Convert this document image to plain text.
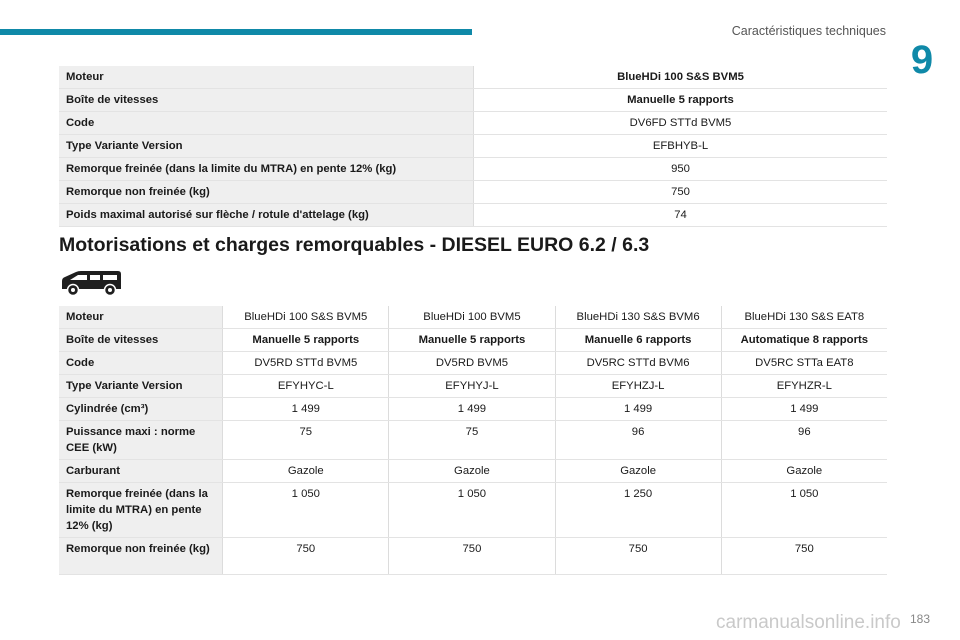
Caractéristiques techniques
9
Moteur	BlueHDi 100 S&S BVM5
Boîte de vitesses	Manuelle 5 rapports
Code	DV6FD STTd BVM5
Type Variante Version	EFBHYB-L
Remorque freinée (dans la limite du MTRA) en pente 12% (kg)	950
Remorque non freinée (kg)	750
Poids maximal autorisé sur flèche / rotule d'attelage (kg)	74
Motorisations et charges remorquables - DIESEL EURO 6.2 / 6.3
Moteur	BlueHDi 100 S&S BVM5	BlueHDi 100 BVM5	BlueHDi 130 S&S BVM6	BlueHDi 130 S&S EAT8
Boîte de vitesses	Manuelle 5 rapports	Manuelle 5 rapports	Manuelle 6 rapports	Automatique 8 rapports
Code	DV5RD STTd BVM5	DV5RD BVM5	DV5RC STTd BVM6	DV5RC STTa EAT8
Type Variante Version	EFYHYC-L	EFYHYJ-L	EFYHZJ-L	EFYHZR-L
Cylindrée (cm³)	1 499	1 499	1 499	1 499
Puissance maxi : norme CEE (kW)	75	75	96	96
Carburant	Gazole	Gazole	Gazole	Gazole
Remorque freinée (dans la limite du MTRA) en pente 12% (kg)	1 050	1 050	1 250	1 050
Remorque non freinée (kg)	750	750	750	750
carmanualsonline.info 183
